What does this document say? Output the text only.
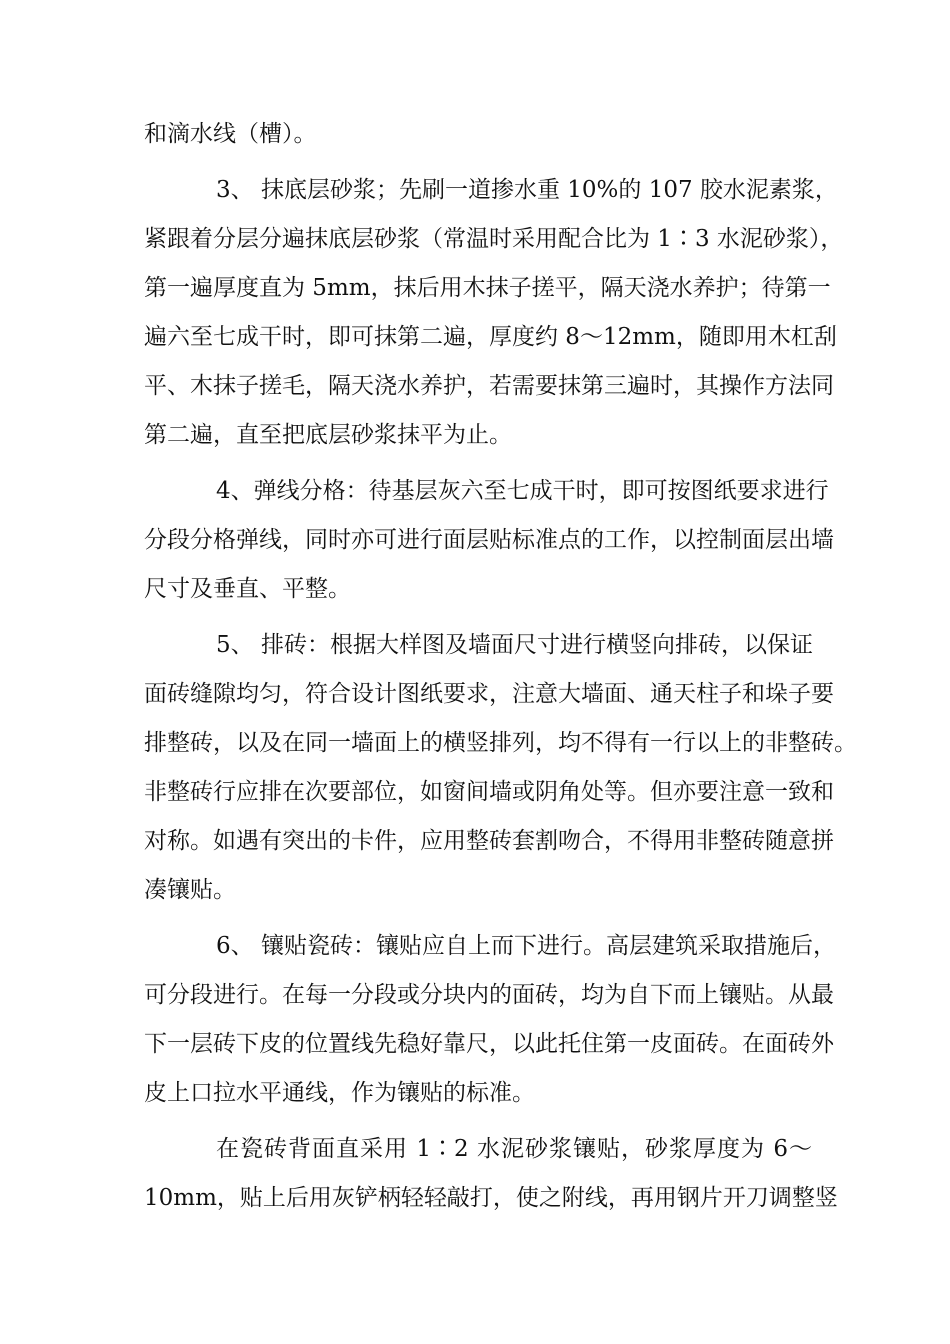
和滴水线（槽）。
3、 抹底层砂浆；先刷一道掺水重 10%的 107 胶水泥素浆，
紧跟着分层分遍抹底层砂浆（常温时采用配合比为 1∶3 水泥砂浆），
第一遍厚度直为 5mm，抹后用木抹子搓平，隔天浇水养护；待第一
遍六至七成干时，即可抹第二遍，厚度约 8～12mm，随即用木杠刮
平、木抹子搓毛，隔天浇水养护，若需要抹第三遍时，其操作方法同
第二遍，直至把底层砂浆抹平为止。
4、弹线分格：待基层灰六至七成干时，即可按图纸要求进行
分段分格弹线，同时亦可进行面层贴标准点的工作，以控制面层出墙
尺寸及垂直、平整。
5、 排砖：根据大样图及墙面尺寸进行横竖向排砖，以保证
面砖缝隙均匀，符合设计图纸要求，注意大墙面、通天柱子和垛子要
排整砖，以及在同一墙面上的横竖排列，均不得有一行以上的非整砖。
非整砖行应排在次要部位，如窗间墙或阴角处等。但亦要注意一致和
对称。如遇有突出的卡件，应用整砖套割吻合，不得用非整砖随意拼
凑镶贴。
6、 镶贴瓷砖：镶贴应自上而下进行。高层建筑采取措施后，
可分段进行。在每一分段或分块内的面砖，均为自下而上镶贴。从最
下一层砖下皮的位置线先稳好靠尺，以此托住第一皮面砖。在面砖外
皮上口拉水平通线，作为镶贴的标准。
在瓷砖背面直采用 1∶2 水泥砂浆镶贴，砂浆厚度为 6～
10mm，贴上后用灰铲柄轻轻敲打，使之附线，再用钢片开刀调整竖
